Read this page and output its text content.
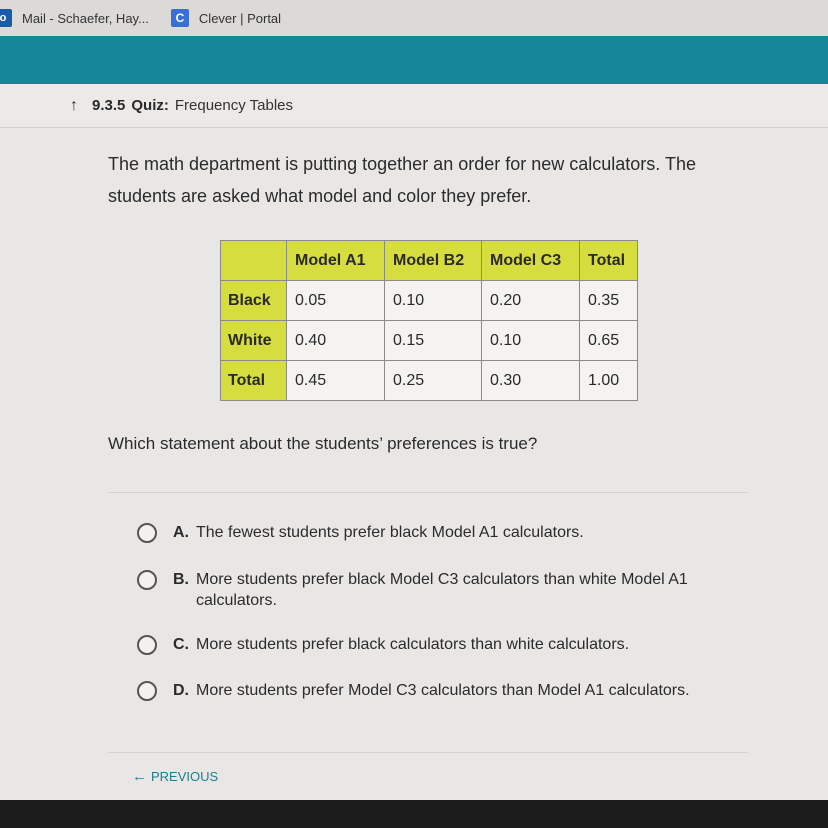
o	Mail - Schaefer, Hay...	C	Clever | Portal
↑ 9.3.5 Quiz: Frequency Tables
The math department is putting together an order for new calculators. The students are asked what model and color they prefer.
	Model A1	Model B2	Model C3	Total
Black	0.05	0.10	0.20	0.35
White	0.40	0.15	0.10	0.65
Total	0.45	0.25	0.30	1.00
Which statement about the students’ preferences is true?
A. The fewest students prefer black Model A1 calculators.
B. More students prefer black Model C3 calculators than white Model A1 calculators.
C. More students prefer black calculators than white calculators.
D. More students prefer Model C3 calculators than Model A1 calculators.
← PREVIOUS
